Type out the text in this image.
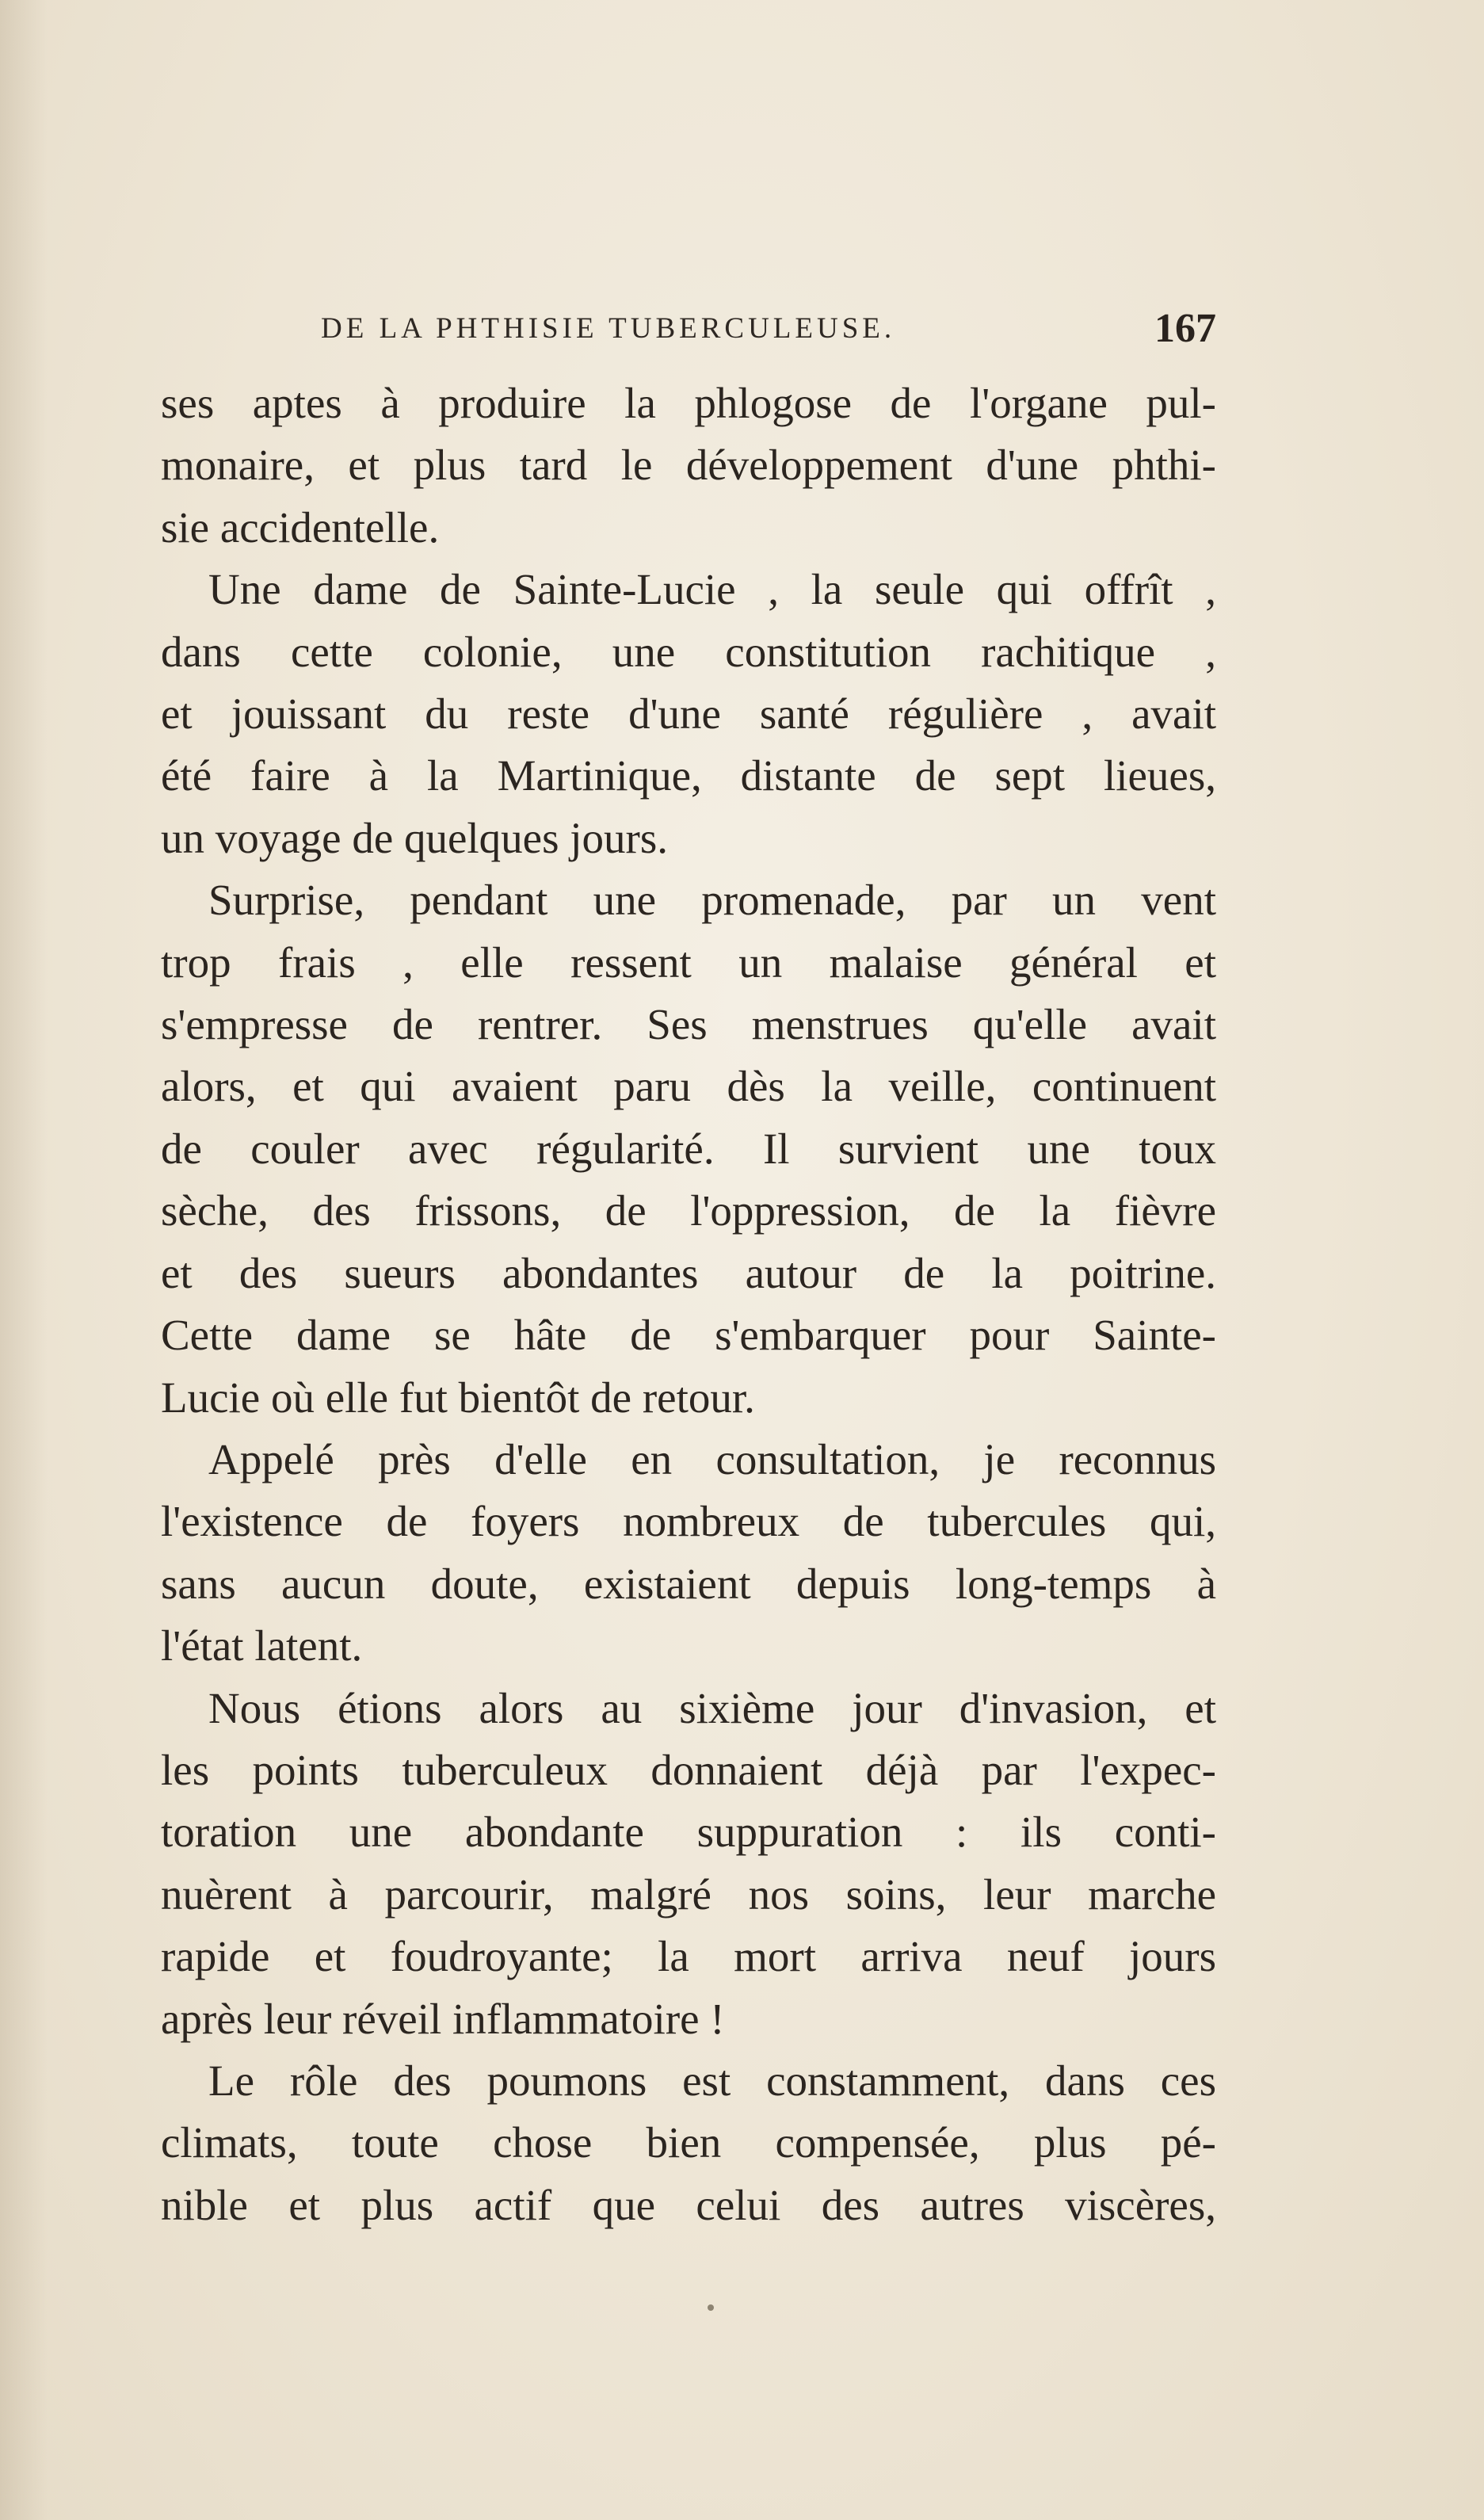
DE LA PHTHISIE TUBERCULEUSE.	167

ses aptes à produire la phlogose de l'organe pul-
monaire, et plus tard le développement d'une phthi-
sie accidentelle.

Une dame de Sainte-Lucie , la seule qui offrît ,
dans cette colonie, une constitution rachitique ,
et jouissant du reste d'une santé régulière , avait
été faire à la Martinique, distante de sept lieues,
un voyage de quelques jours.

Surprise, pendant une promenade, par un vent
trop frais , elle ressent un malaise général et
s'empresse de rentrer. Ses menstrues qu'elle avait
alors, et qui avaient paru dès la veille, continuent
de couler avec régularité. Il survient une toux
sèche, des frissons, de l'oppression, de la fièvre
et des sueurs abondantes autour de la poitrine.
Cette dame se hâte de s'embarquer pour Sainte-
Lucie où elle fut bientôt de retour.

Appelé près d'elle en consultation, je reconnus
l'existence de foyers nombreux de tubercules qui,
sans aucun doute, existaient depuis long-temps à
l'état latent.

Nous étions alors au sixième jour d'invasion, et
les points tuberculeux donnaient déjà par l'expec-
toration une abondante suppuration : ils conti-
nuèrent à parcourir, malgré nos soins, leur marche
rapide et foudroyante; la mort arriva neuf jours
après leur réveil inflammatoire !

Le rôle des poumons est constamment, dans ces
climats, toute chose bien compensée, plus pé-
nible et plus actif que celui des autres viscères,
